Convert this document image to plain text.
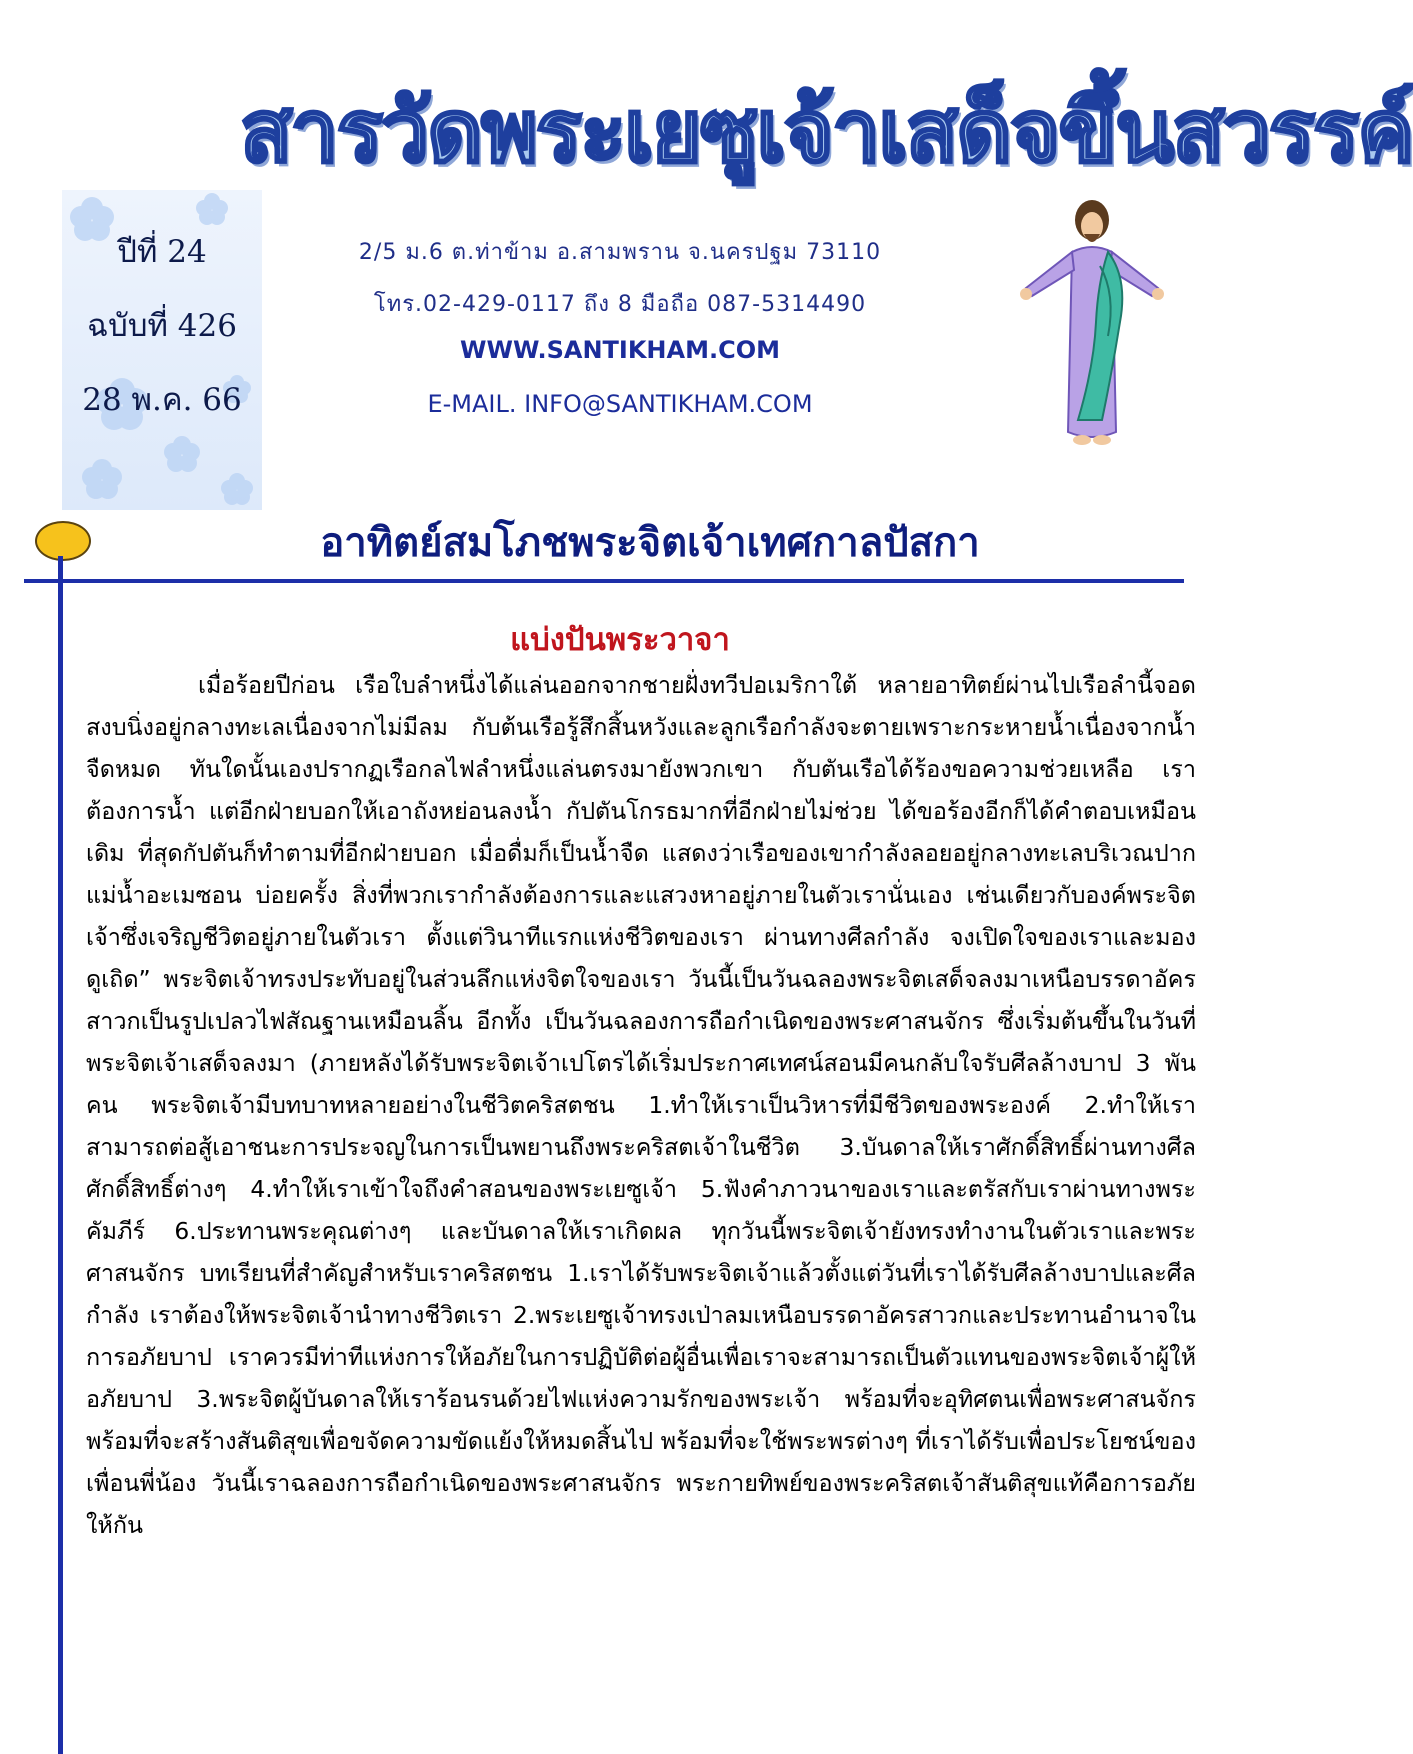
สารวัดพระเยซูเจ้าเสด็จขึ้นสวรรค์
ปีที่ 24
ฉบับที่ 426
28 พ.ค. 66
2/5 ม.6 ต.ท่าข้าม อ.สามพราน จ.นครปฐม 73110
โทร.02-429-0117 ถึง 8 มือถือ 087-5314490
WWW.SANTIKHAM.COM
E-MAIL. INFO@SANTIKHAM.COM
อาทิตย์สมโภชพระจิตเจ้าเทศกาลปัสกา
แบ่งปันพระวาจา
เมื่อร้อยปีก่อน เรือใบลำหนึ่งได้แล่นออกจากชายฝั่งทวีปอเมริกาใต้ หลายอาทิตย์ผ่านไปเรือลำนี้จอดสงบนิ่งอยู่กลางทะเลเนื่องจากไม่มีลม กับต้นเรือรู้สึกสิ้นหวังและลูกเรือกำลังจะตายเพราะกระหายน้ำเนื่องจากน้ำจืดหมด ทันใดนั้นเองปรากฏเรือกลไฟลำหนึ่งแล่นตรงมายังพวกเขา กับตันเรือได้ร้องขอความช่วยเหลือ เราต้องการน้ำ แต่อีกฝ่ายบอกให้เอาถังหย่อนลงน้ำ กัปตันโกรธมากที่อีกฝ่ายไม่ช่วย ได้ขอร้องอีกก็ได้คำตอบเหมือนเดิม ที่สุดกัปตันก็ทำตามที่อีกฝ่ายบอก เมื่อดื่มก็เป็นน้ำจืด แสดงว่าเรือของเขากำลังลอยอยู่กลางทะเลบริเวณปากแม่น้ำอะเมซอน บ่อยครั้ง สิ่งที่พวกเรากำลังต้องการและแสวงหาอยู่ภายในตัวเรานั่นเอง เช่นเดียวกับองค์พระจิตเจ้าซึ่งเจริญชีวิตอยู่ภายในตัวเรา ตั้งแต่วินาทีแรกแห่งชีวิตของเรา ผ่านทางศีลกำลัง จงเปิดใจของเราและมองดูเถิด” พระจิตเจ้าทรงประทับอยู่ในส่วนลึกแห่งจิตใจของเรา วันนี้เป็นวันฉลองพระจิตเสด็จลงมาเหนือบรรดาอัครสาวกเป็นรูปเปลวไฟสัณฐานเหมือนลิ้น อีกทั้ง เป็นวันฉลองการถือกำเนิดของพระศาสนจักร ซึ่งเริ่มต้นขึ้นในวันที่พระจิตเจ้าเสด็จลงมา (ภายหลังได้รับพระจิตเจ้าเปโตรได้เริ่มประกาศเทศน์สอนมีคนกลับใจรับศีลล้างบาป 3 พันคน พระจิตเจ้ามีบทบาทหลายอย่างในชีวิตคริสตชน 1.ทำให้เราเป็นวิหารที่มีชีวิตของพระองค์ 2.ทำให้เราสามารถต่อสู้เอาชนะการประจญในการเป็นพยานถึงพระคริสตเจ้าในชีวิต 3.บันดาลให้เราศักดิ์สิทธิ์ผ่านทางศีลศักดิ์สิทธิ์ต่างๆ 4.ทำให้เราเข้าใจถึงคำสอนของพระเยซูเจ้า 5.ฟังคำภาวนาของเราและตรัสกับเราผ่านทางพระคัมภีร์ 6.ประทานพระคุณต่างๆ และบันดาลให้เราเกิดผล ทุกวันนี้พระจิตเจ้ายังทรงทำงานในตัวเราและพระศาสนจักร บทเรียนที่สำคัญสำหรับเราคริสตชน 1.เราได้รับพระจิตเจ้าแล้วตั้งแต่วันที่เราได้รับศีลล้างบาปและศีลกำลัง เราต้องให้พระจิตเจ้านำทางชีวิตเรา 2.พระเยซูเจ้าทรงเป่าลมเหนือบรรดาอัครสาวกและประทานอำนาจในการอภัยบาป เราควรมีท่าทีแห่งการให้อภัยในการปฏิบัติต่อผู้อื่นเพื่อเราจะสามารถเป็นตัวแทนของพระจิตเจ้าผู้ให้อภัยบาป 3.พระจิตผู้บันดาลให้เราร้อนรนด้วยไฟแห่งความรักของพระเจ้า พร้อมที่จะอุทิศตนเพื่อพระศาสนจักร พร้อมที่จะสร้างสันติสุขเพื่อขจัดความขัดแย้งให้หมดสิ้นไป พร้อมที่จะใช้พระพรต่างๆ ที่เราได้รับเพื่อประโยชน์ของเพื่อนพี่น้อง วันนี้เราฉลองการถือกำเนิดของพระศาสนจักร พระกายทิพย์ของพระคริสตเจ้าสันติสุขแท้คือการอภัยให้กัน
